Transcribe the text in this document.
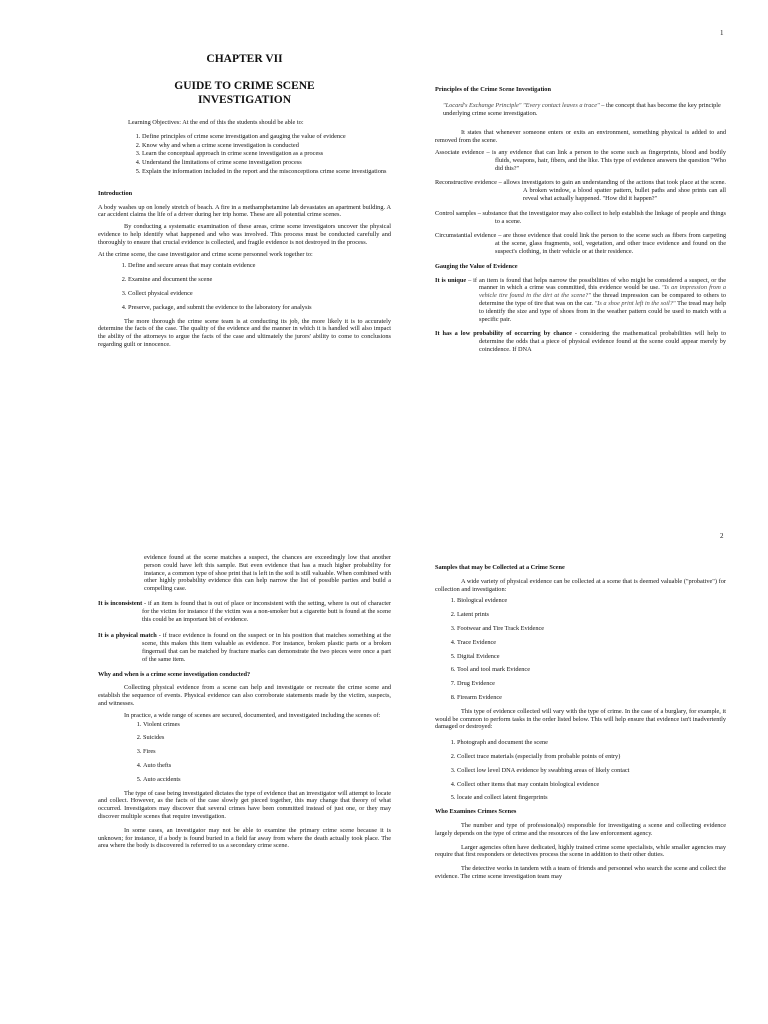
1
CHAPTER VII
GUIDE TO CRIME SCENE
INVESTIGATION

Learning Objectives: At the end of this the students should be able to:

1. Define principles of crime scene investigation and gauging the value of evidence
2. Know why and when a crime scene investigation is conducted
3. Learn the conceptual approach in crime scene investigation as a process
4. Understand the limitations of crime scene investigation process
5. Explain the information included in the report and the misconceptions crime scene investigations
Introduction

A body washes up on lonely stretch of beach. A fire in a methamphetamine lab devastates an apartment building. A car accident claims the life of a driver during her trip home. These are all potential crime scenes.

By conducting a systematic examination of these areas, crime scene investigators uncover the physical evidence to help identify what happened and who was involved. This process must be conducted carefully and thoroughly to ensure that crucial evidence is collected, and fragile evidence is not destroyed in the process.

At the crime scene, the case investigator and crime scene personnel work together to:

1. Define and secure areas that may contain evidence
2. Examine and document the scene
3. Collect physical evidence
4. Preserve, package, and submit the evidence to the laboratory for analysis

The more thorough the crime scene team is at conducting its job, the more likely it is to accurately determine the facts of the case. The quality of the evidence and the manner in which it is handled will also impact the ability of the attorneys to argue the facts of the case and ultimately the jurors' ability to come to conclusions regarding guilt or innocence.

Principles of the Crime Scene Investigation
"Locard's Exchange Principle" "Every contact leaves a trace" – the concept that has become the key principle underlying crime scene investigation.

It states that whenever someone enters or exits an environment, something physical is added to and removed from the scene.

Associate evidence – is any evidence that can link a person to the scene such as fingerprints, blood and bodily fluids, weapons, hair, fibers, and the like. This type of evidence answers the question "Who did this?"

Reconstructive evidence – allows investigators to gain an understanding of the actions that took place at the scene. A broken window, a blood spatter pattern, bullet paths and shoe prints can all reveal what actually happened. "How did it happen?"

Control samples – substance that the investigator may also collect to help establish the linkage of people and things to a scene.

Circumstantial evidence – are those evidence that could link the person to the scene such as fibers from carpeting at the scene, glass fragments, soil, vegetation, and other trace evidence and found on the suspect's clothing, in their vehicle or at their residence.

Gauging the Value of Evidence

It is unique – if an item is found that helps narrow the possibilities of who might be considered a suspect, or the manner in which a crime was committed, this evidence would be use. "Is an impression from a vehicle tire found in the dirt at the scene?" the thread impression can be compared to others to determine the type of tire that was on the car. "Is a shoe print left in the soil?" The tread may help to identify the size and type of shoes from in the weather pattern could be used to match with a specific pair.

It has a low probability of occurring by chance - considering the mathematical probabilities will help to determine the odds that a piece of physical evidence found at the scene could appear merely by coincidence. If DNA

2

evidence found at the scene matches a suspect, the chances are exceedingly low that another person could have left this sample. But even evidence that has a much higher probability for instance, a common type of shoe print that is left in the soil is still valuable. When combined with other highly probability evidence this can help narrow the list of possible parties and build a compelling case.

It is inconsistent - if an item is found that is out of place or inconsistent with the setting, where is out of character for the victim for instance if the victim was a non-smoker but a cigarette butt is found at the scene this could be an important bit of evidence.

It is a physical match - if trace evidence is found on the suspect or in his position that matches something at the scene, this makes this item valuable as evidence. For instance, broken plastic parts or a broken fingernail that can be matched by fracture marks can demonstrate the two pieces were once a part of the same item.

Why and when is a crime scene investigation conducted?

Collecting physical evidence from a scene can help and investigate or recreate the crime scene and establish the sequence of events. Physical evidence can also corroborate statements made by the victim, suspects, and witnesses.

In practice, a wide range of scenes are secured, documented, and investigated including the scenes of:

1. Violent crimes
2. Suicides
3. Fires
4. Auto thefts
5. Auto accidents

The type of case being investigated dictates the type of evidence that an investigator will attempt to locate and collect. However, as the facts of the case slowly get pieced together, this may change that theory of what occurred. Investigators may discover that several crimes have been committed instead of just one, or they may discover multiple scenes that require investigation.

In some cases, an investigator may not be able to examine the primary crime scene because it is unknown; for instance, if a body is found buried in a field far away from where the death actually took place. The area where the body is discovered is referred to us a secondary crime scene.

Samples that may be Collected at a Crime Scene

A wide variety of physical evidence can be collected at a scene that is deemed valuable ("probative") for collection and investigation:

1. Biological evidence
2. Latent prints
3. Footwear and Tire Track Evidence
4. Trace Evidence
5. Digital Evidence
6. Tool and tool mark Evidence
7. Drug Evidence
8. Firearm Evidence

This type of evidence collected will vary with the type of crime. In the case of a burglary, for example, it would be common to perform tasks in the order listed below. This will help ensure that evidence isn't inadvertently damaged or destroyed:

1. Photograph and document the scene
2. Collect trace materials (especially from probable points of entry)
3. Collect low level DNA evidence by swabbing areas of likely contact
4. Collect other items that may contain biological evidence
5. locate and collect latent fingerprints
Who Examines Crimes Scenes

The number and type of professional(s) responsible for investigating a scene and collecting evidence largely depends on the type of crime and the resources of the law enforcement agency.

Larger agencies often have dedicated, highly trained crime scene specialists, while smaller agencies may require that first responders or detectives process the scene in addition to their other duties.

The detective works in tandem with a team of friends and personnel who search the scene and collect the evidence. The crime scene investigation team may
